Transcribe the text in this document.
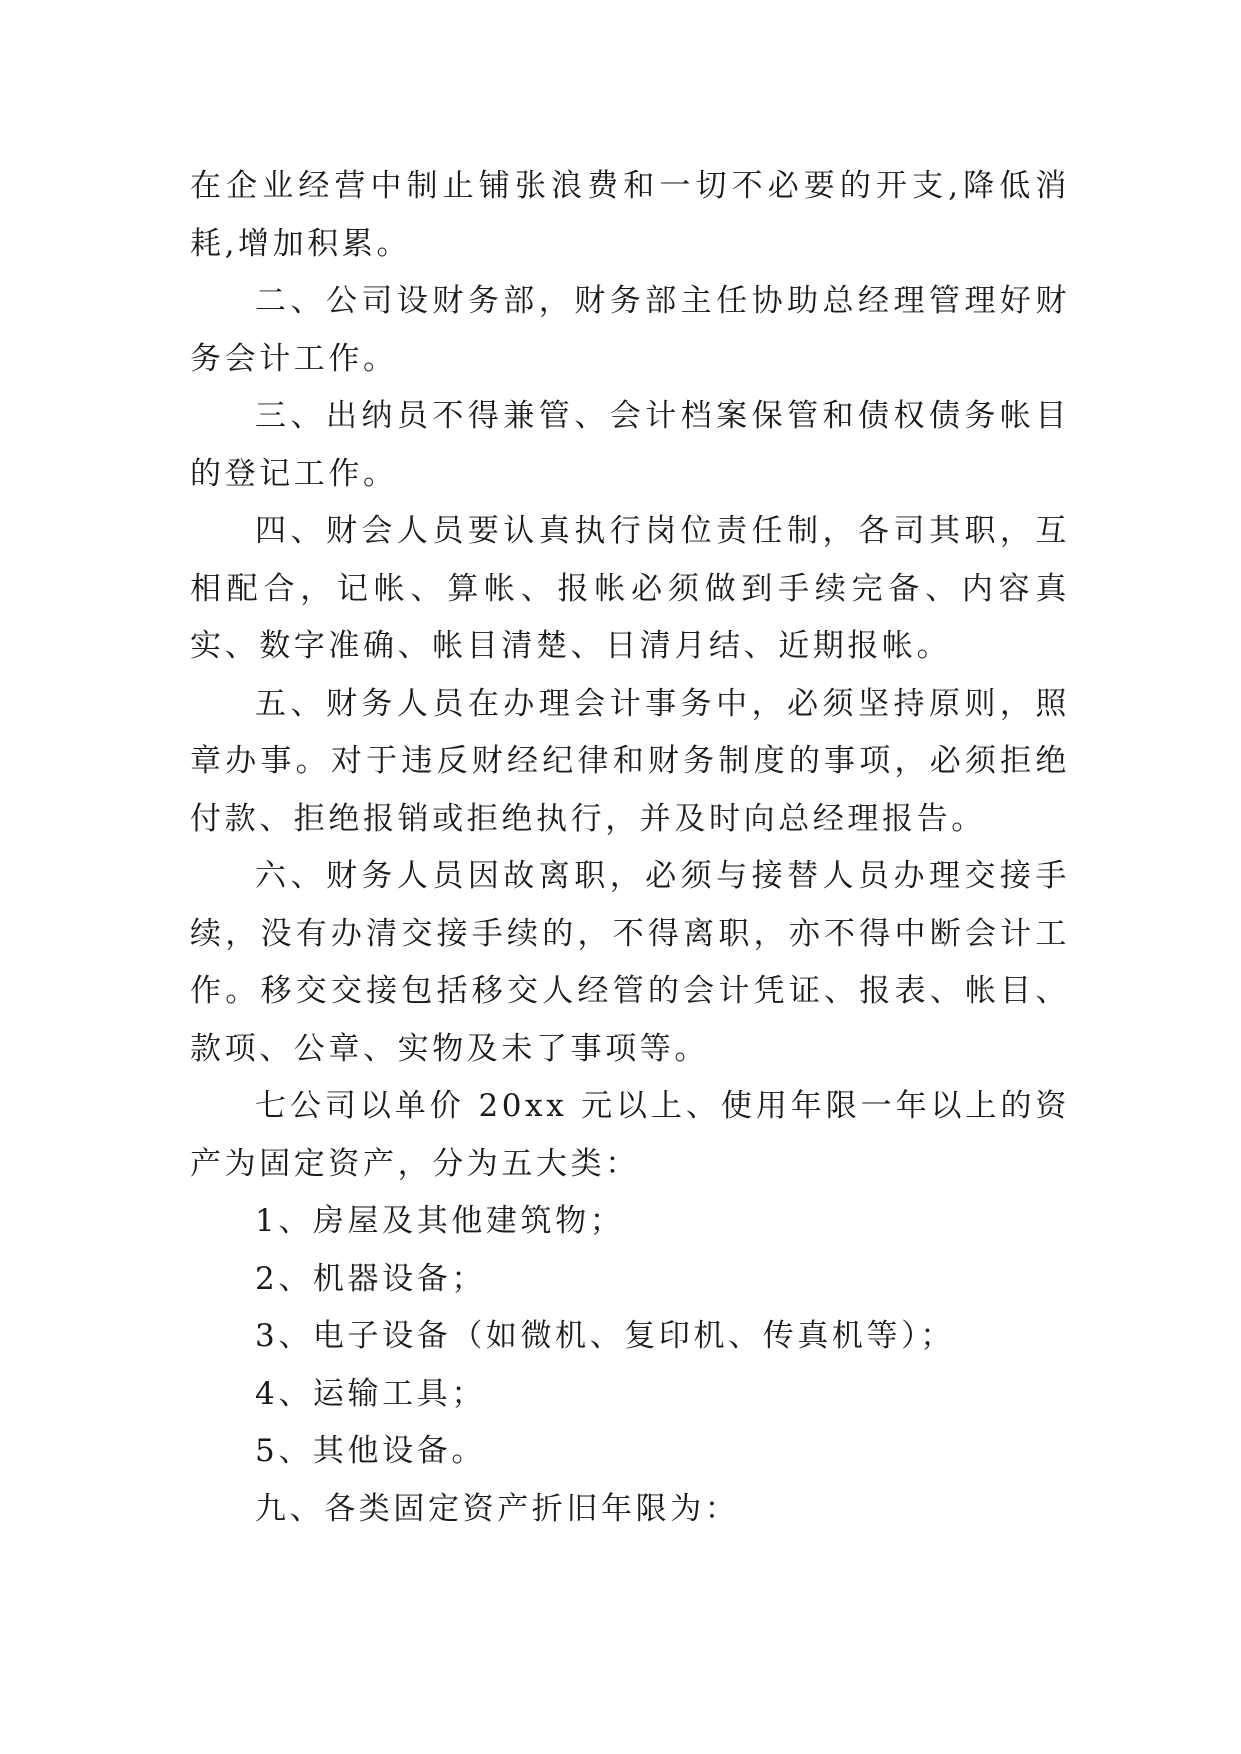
在企业经营中制止铺张浪费和一切不必要的开支,降低消耗,增加积累。

二、公司设财务部，财务部主任协助总经理管理好财务会计工作。

三、出纳员不得兼管、会计档案保管和债权债务帐目的登记工作。

四、财会人员要认真执行岗位责任制，各司其职，互相配合，记帐、算帐、报帐必须做到手续完备、内容真实、数字准确、帐目清楚、日清月结、近期报帐。

五、财务人员在办理会计事务中，必须坚持原则，照章办事。对于违反财经纪律和财务制度的事项，必须拒绝付款、拒绝报销或拒绝执行，并及时向总经理报告。

六、财务人员因故离职，必须与接替人员办理交接手续，没有办清交接手续的，不得离职，亦不得中断会计工作。移交交接包括移交人经管的会计凭证、报表、帐目、款项、公章、实物及未了事项等。

七公司以单价 20xx 元以上、使用年限一年以上的资产为固定资产，分为五大类：

1、房屋及其他建筑物；

2、机器设备；

3、电子设备（如微机、复印机、传真机等）；

4、运输工具；

5、其他设备。

九、各类固定资产折旧年限为：
